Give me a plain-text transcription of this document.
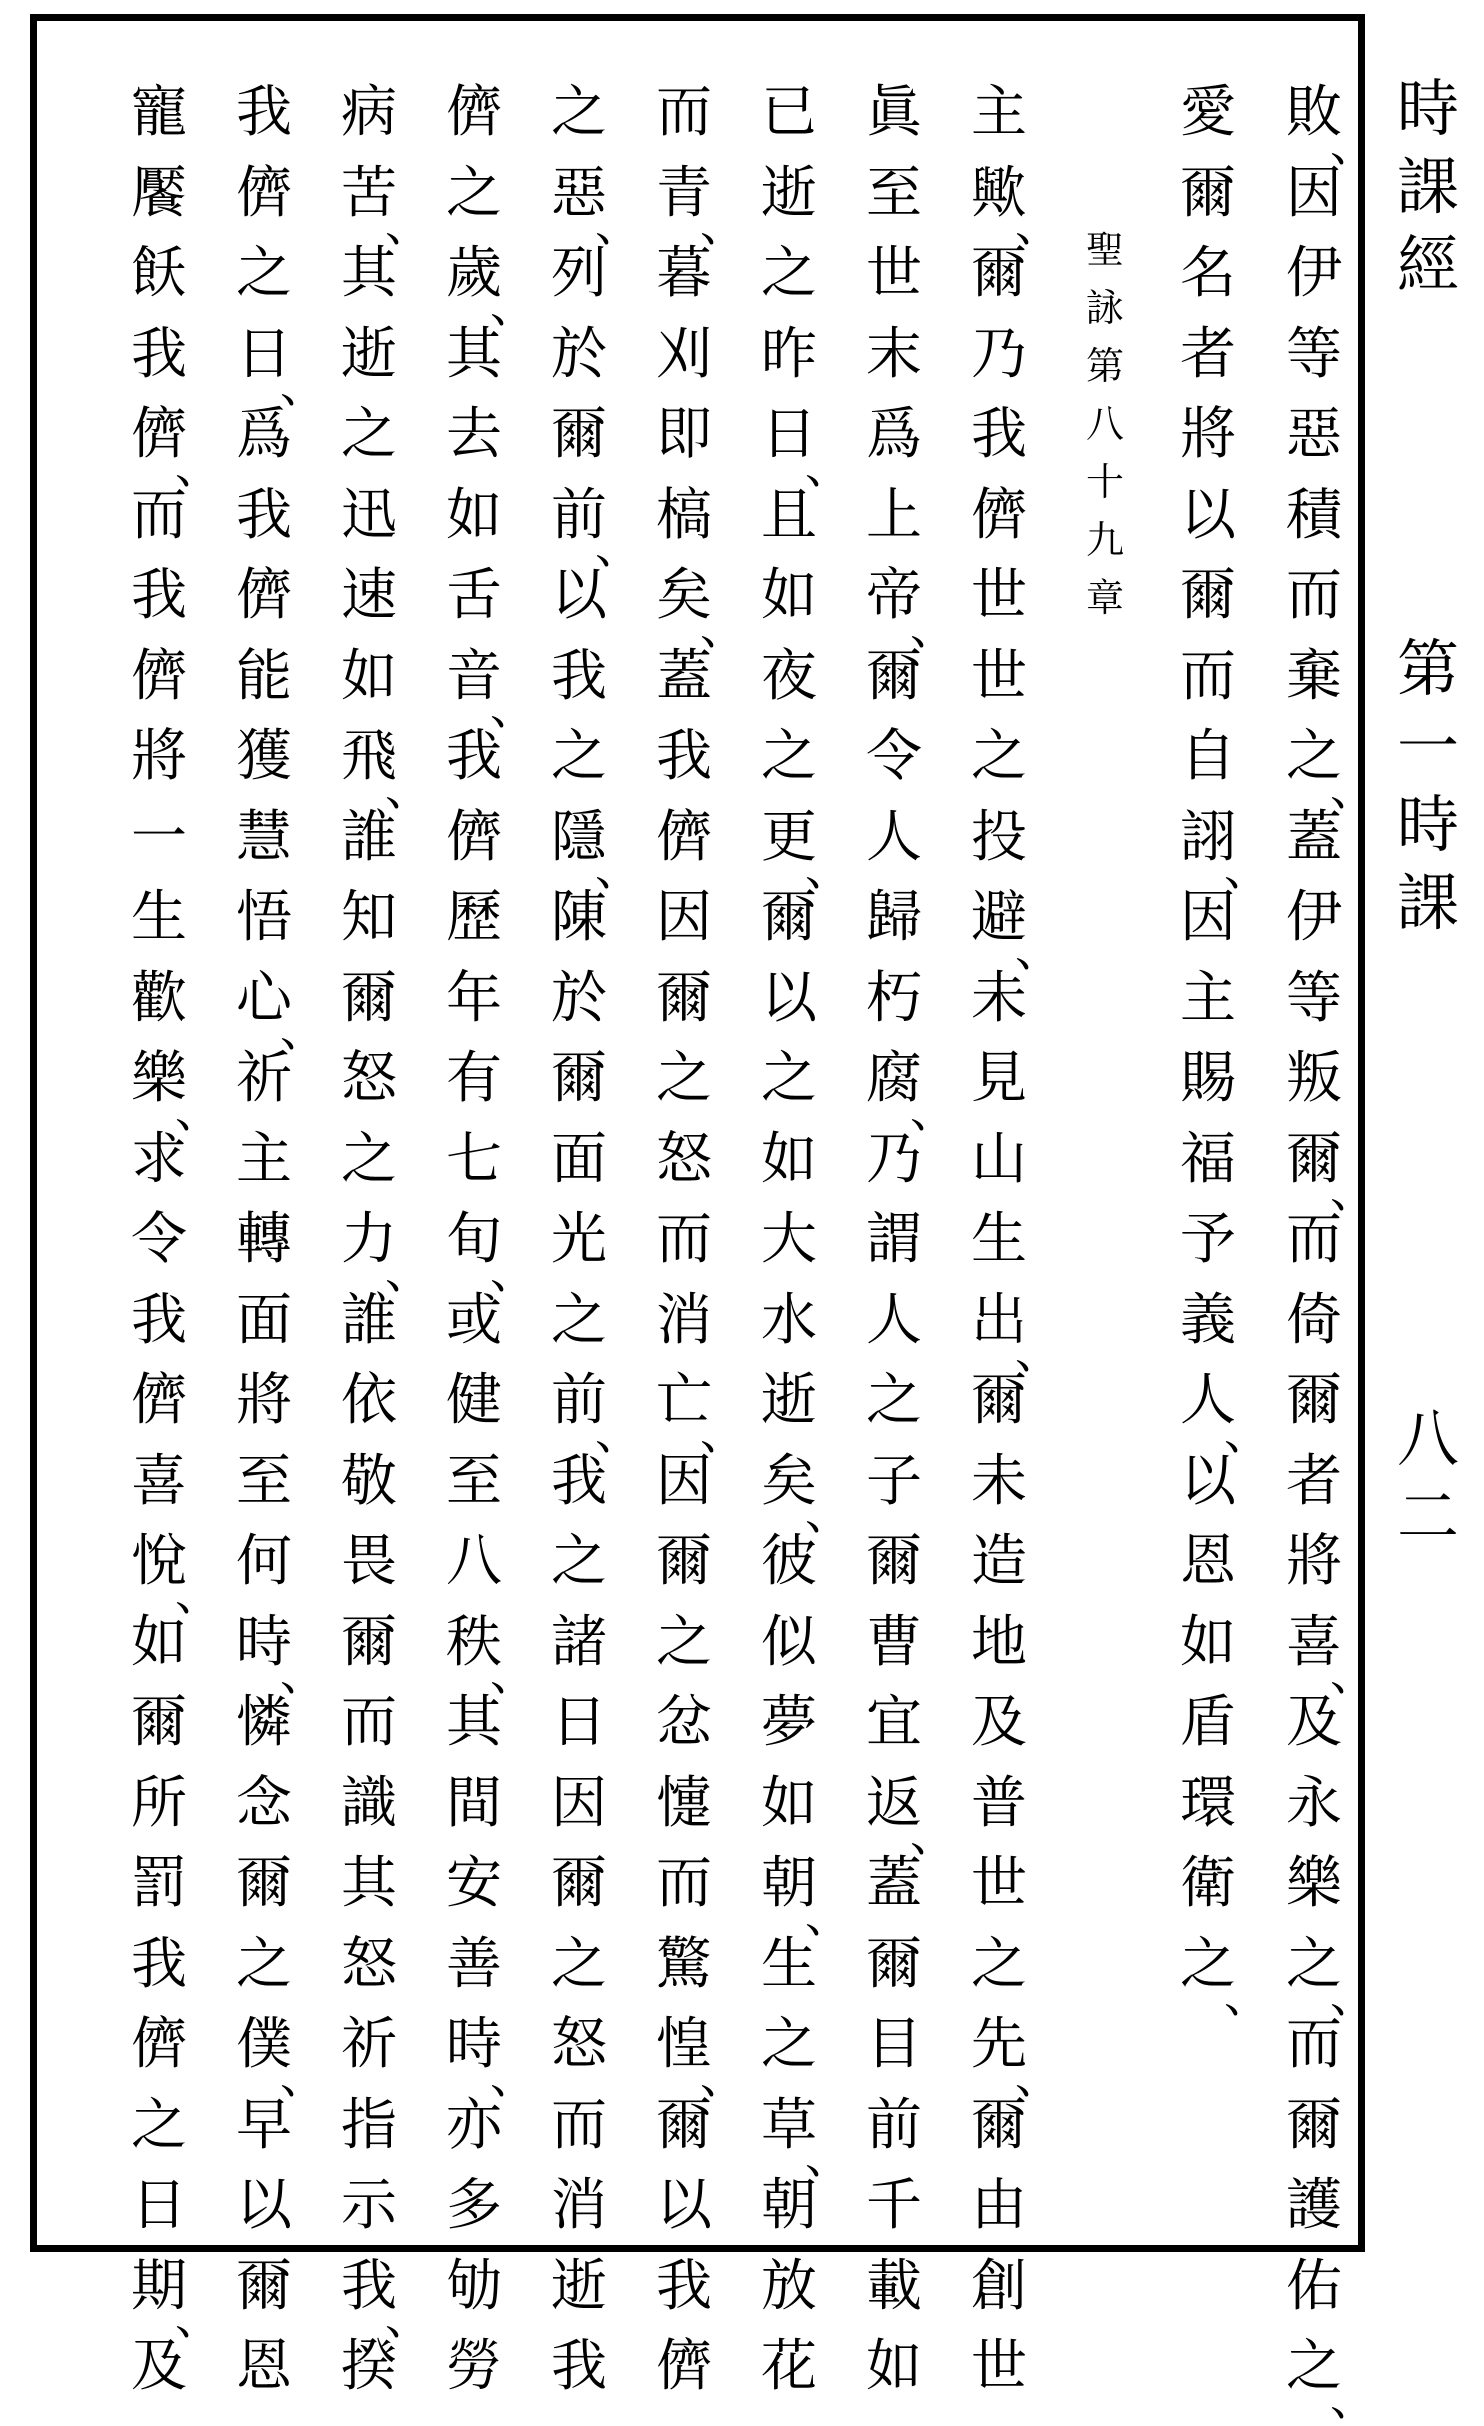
時
課
經
第
一
時
課
八
二
敗
、
因
伊
等
惡
積
而
棄
之
、
蓋
伊
等
叛
爾
、
而
倚
爾
者
將
喜
、
及
永
樂
之
、
而
爾
護
佑
之
、
愛
爾
名
者
將
以
爾
而
自
詡
、
因
主
賜
福
予
義
人
、
以
恩
如
盾
環
衛
之
、
聖
詠
第
八
十
九
章
主
歟
、
爾
乃
我
儕
世
世
之
投
避
、
未
見
山
生
出
、
爾
未
造
地
及
普
世
之
先
、
爾
由
創
世
眞
至
世
末
爲
上
帝
、
爾
令
人
歸
朽
腐
、
乃
謂
人
之
子
爾
曹
宜
返
、
蓋
爾
目
前
千
載
如
已
逝
之
昨
日
、
且
如
夜
之
更
、
爾
以
之
如
大
水
逝
矣
、
彼
似
夢
如
朝
、
生
之
草
、
朝
放
花
而
青
、
暮
刈
即
槁
矣
、
蓋
我
儕
因
爾
之
怒
而
消
亡
、
因
爾
之
忿
懥
而
驚
惶
、
爾
以
我
儕
之
惡
、
列
於
爾
前
、
以
我
之
隱
、
陳
於
爾
面
光
之
前
、
我
之
諸
日
因
爾
之
怒
而
消
逝
我
儕
之
歲
、
其
去
如
舌
音
、
我
儕
歷
年
有
七
旬
、
或
健
至
八
秩
、
其
間
安
善
時
、
亦
多
劬
勞
病
苦
、
其
逝
之
迅
速
如
飛
、
誰
知
爾
怒
之
力
、
誰
依
敬
畏
爾
而
識
其
怒
祈
指
示
我
、
揆
我
儕
之
日
、
爲
我
儕
能
獲
慧
悟
心
、
祈
主
轉
面
將
至
何
時
、
憐
念
爾
之
僕
、
早
以
爾
恩
寵
饜
飫
我
儕
、
而
我
儕
將
一
生
歡
樂
、
求
令
我
儕
喜
悅
、
如
爾
所
罰
我
儕
之
日
期
、
及
